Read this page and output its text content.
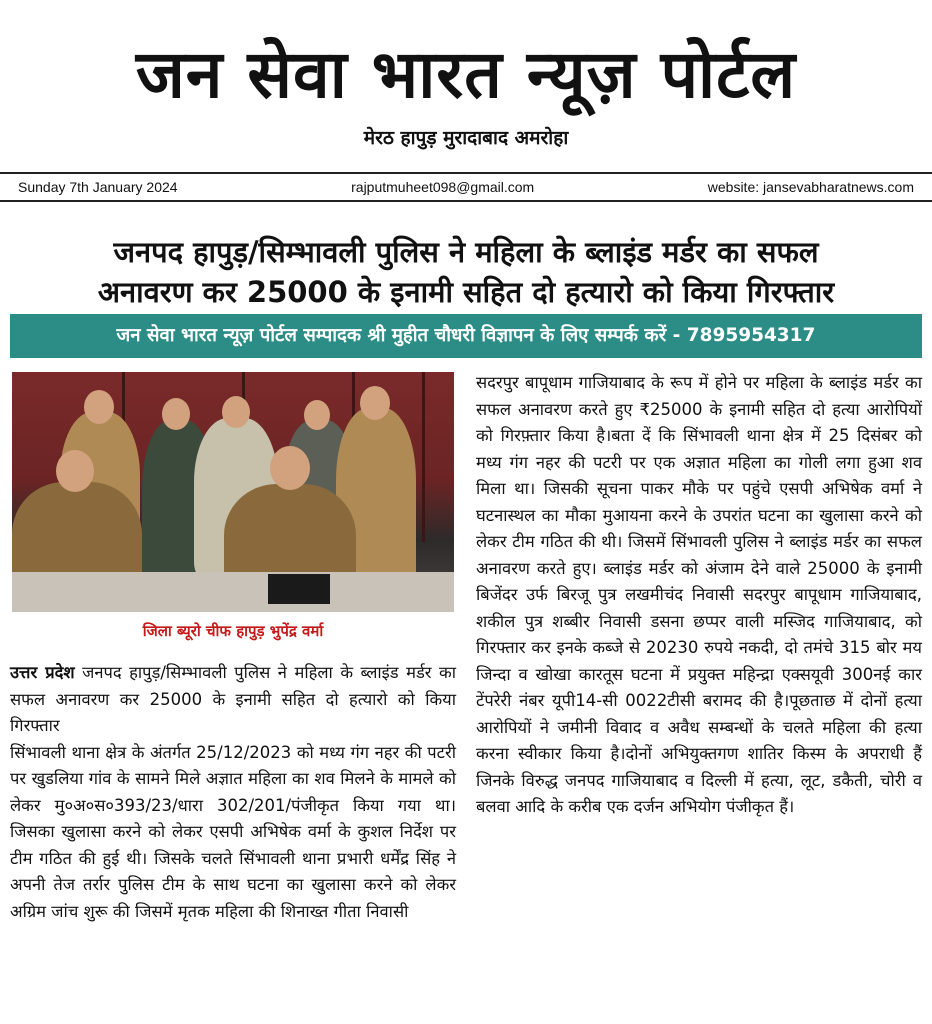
जन सेवा भारत न्यूज़ पोर्टल
मेरठ हापुड़ मुरादाबाद अमरोहा
Sunday 7th January 2024	rajputmuheet098@gmail.com	website: jansevabharatnews.com
जनपद हापुड़/सिम्भावली पुलिस ने महिला के ब्लाइंड मर्डर का सफल
अनावरण कर 25000 के इनामी सहित दो हत्यारो को किया गिरफ्तार
जन सेवा भारत न्यूज़ पोर्टल सम्पादक श्री मुहीत चौधरी विज्ञापन के लिए सम्पर्क करें - 7895954317
जिला ब्यूरो चीफ हापुड़ भुपेंद्र वर्मा

उत्तर प्रदेश जनपद हापुड़/सिम्भावली पुलिस ने महिला के ब्लाइंड मर्डर का सफल अनावरण कर 25000 के इनामी सहित दो हत्यारो को किया गिरफ्तार

सिंभावली थाना क्षेत्र के अंतर्गत 25/12/2023 को मध्य गंग नहर की पटरी पर खुडलिया गांव के सामने मिले अज्ञात महिला का शव मिलने के मामले को लेकर मु०अ०स०393/23/धारा 302/201/पंजीकृत किया गया था। जिसका खुलासा करने को लेकर एसपी अभिषेक वर्मा के कुशल निर्देश पर टीम गठित की हुई थी। जिसके चलते सिंभावली थाना प्रभारी धर्मेंद्र सिंह ने अपनी तेज तर्रार पुलिस टीम के साथ घटना का खुलासा करने को लेकर अग्रिम जांच शुरू की जिसमें मृतक महिला की शिनाख्त गीता निवासी

सदरपुर बापूधाम गाजियाबाद के रूप में होने पर महिला के ब्लाइंड मर्डर का सफल अनावरण करते हुए ₹25000 के इनामी सहित दो हत्या आरोपियों को गिरफ़्तार किया है।बता दें कि सिंभावली थाना क्षेत्र में 25 दिसंबर को मध्य गंग नहर की पटरी पर एक अज्ञात महिला का गोली लगा हुआ शव मिला था। जिसकी सूचना पाकर मौके पर पहुंचे एसपी अभिषेक वर्मा ने घटनास्थल का मौका मुआयना करने के उपरांत घटना का खुलासा करने को लेकर टीम गठित की थी। जिसमें सिंभावली पुलिस ने ब्लाइंड मर्डर का सफल अनावरण करते हुए। ब्लाइंड मर्डर को अंजाम देने वाले 25000 के इनामी बिजेंदर उर्फ बिरजू पुत्र लखमीचंद निवासी सदरपुर बापूधाम गाजियाबाद, शकील पुत्र शब्बीर निवासी डसना छप्पर वाली मस्जिद गाजियाबाद, को गिरफ्तार कर इनके कब्जे से 20230 रुपये नकदी, दो तमंचे 315 बोर मय जिन्दा व खोखा कारतूस घटना में प्रयुक्त महिन्द्रा एक्सयूवी 300नई कार टेंपरेरी नंबर यूपी14-सी 0022टीसी बरामद की है।पूछताछ में दोनों हत्या आरोपियों ने जमीनी विवाद व अवैध सम्बन्धों के चलते महिला की हत्या करना स्वीकार किया है।दोनों अभियुक्तगण शातिर किस्म के अपराधी हैं जिनके विरुद्ध जनपद गाजियाबाद व दिल्ली में हत्या, लूट, डकैती, चोरी व बलवा आदि के करीब एक दर्जन अभियोग पंजीकृत हैं।
